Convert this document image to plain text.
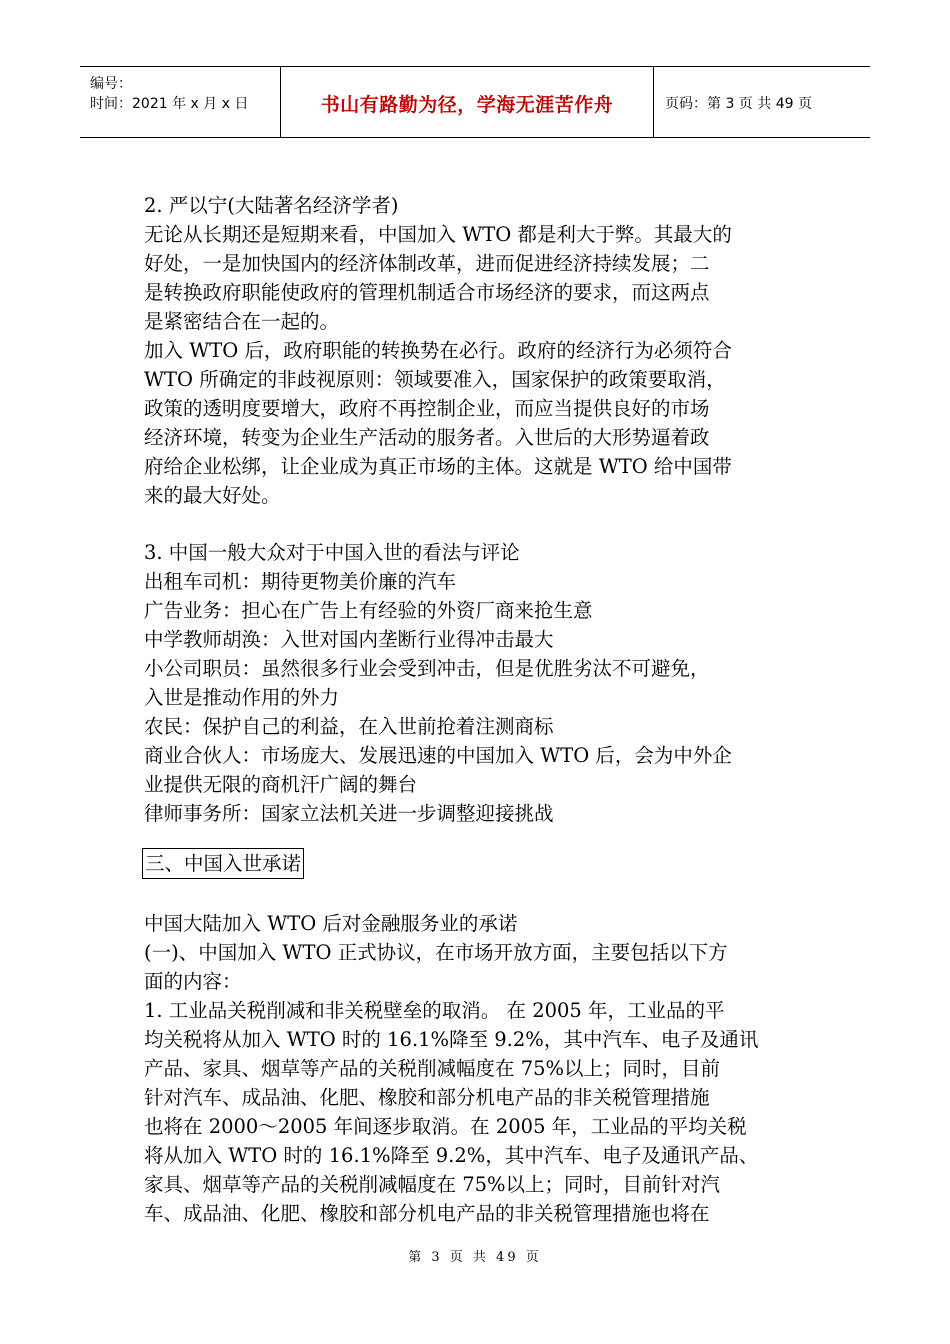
编号：
时间：2021 年 x 月 x 日	书山有路勤为径，学海无涯苦作舟	页码：第 3 页 共 49 页

2. 严以宁(大陆著名经济学者)

无论从长期还是短期来看，中国加入 WTO 都是利大于弊。其最大的

好处，一是加快国内的经济体制改革，进而促进经济持续发展；二

是转换政府职能使政府的管理机制适合市场经济的要求，而这两点

是紧密结合在一起的。

加入 WTO 后，政府职能的转换势在必行。政府的经济行为必须符合

WTO 所确定的非歧视原则：领域要准入，国家保护的政策要取消，

政策的透明度要增大，政府不再控制企业，而应当提供良好的市场

经济环境，转变为企业生产活动的服务者。入世后的大形势逼着政

府给企业松绑，让企业成为真正市场的主体。这就是 WTO 给中国带

来的最大好处。

3. 中国一般大众对于中国入世的看法与评论

出租车司机：期待更物美价廉的汽车

广告业务：担心在广告上有经验的外资厂商来抢生意

中学教师胡涣：入世对国内垄断行业得冲击最大

小公司职员：虽然很多行业会受到冲击，但是优胜劣汰不可避免，

入世是推动作用的外力

农民：保护自己的利益，在入世前抢着注测商标

商业合伙人：市场庞大、发展迅速的中国加入 WTO 后，会为中外企

业提供无限的商机汗广阔的舞台

律师事务所：国家立法机关进一步调整迎接挑战

三、中国入世承诺

中国大陆加入 WTO 后对金融服务业的承诺

(一)、中国加入 WTO 正式协议，在市场开放方面，主要包括以下方

面的内容：

1. 工业品关税削减和非关税壁垒的取消。 在 2005 年，工业品的平

均关税将从加入 WTO 时的 16.1%降至 9.2%，其中汽车、电子及通讯

产品、家具、烟草等产品的关税削减幅度在 75%以上；同时，目前

针对汽车、成品油、化肥、橡胶和部分机电产品的非关税管理措施

也将在 2000～2005 年间逐步取消。在 2005 年，工业品的平均关税

将从加入 WTO 时的 16.1%降至 9.2%，其中汽车、电子及通讯产品、

家具、烟草等产品的关税削减幅度在 75%以上；同时，目前针对汽

车、成品油、化肥、橡胶和部分机电产品的非关税管理措施也将在

第 3 页 共 49 页
